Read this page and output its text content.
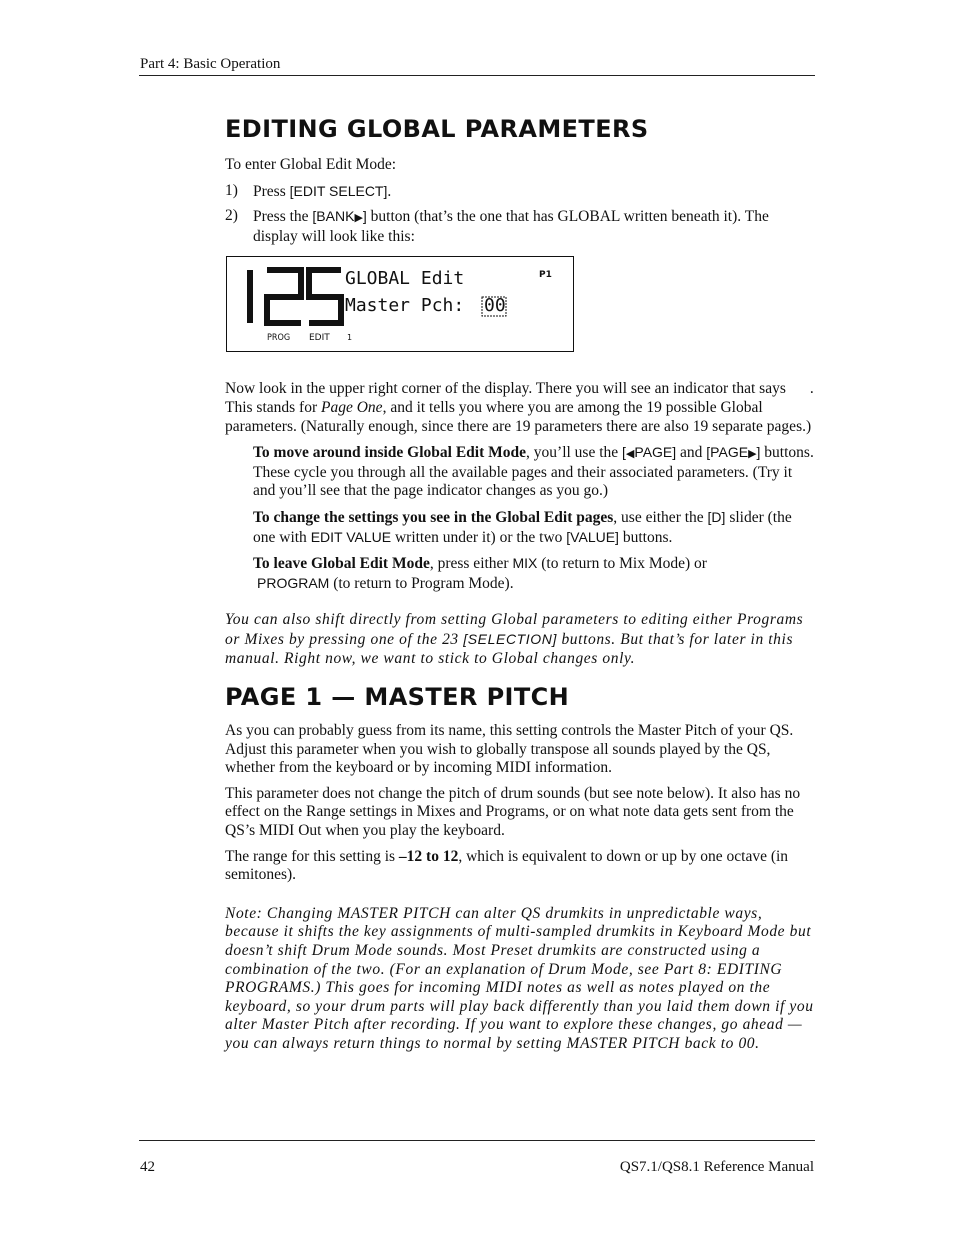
Part 4: Basic Operation
EDITING GLOBAL PARAMETERS

To enter Global Edit Mode:

1) Press [EDIT SELECT].
2) Press the [BANK▶] button (that’s the one that has GLOBAL written beneath it). The display will look like this:
GLOBAL Edit
Master Pch: 00
P1
PROG EDIT 1

Now look in the upper right corner of the display. There you will see an indicator that says . This stands for Page One, and it tells you where you are among the 19 possible Global parameters. (Naturally enough, since there are 19 parameters there are also 19 separate pages.)

To move around inside Global Edit Mode, you’ll use the [◀PAGE] and [PAGE▶] buttons. These cycle you through all the available pages and their associated parameters. (Try it and you’ll see that the page indicator changes as you go.)

To change the settings you see in the Global Edit pages, use either the [D] slider (the one with EDIT VALUE written under it) or the two [VALUE] buttons.

To leave Global Edit Mode, press either MIX (to return to Mix Mode) or
PROGRAM (to return to Program Mode).

You can also shift directly from setting Global parameters to editing either Programs or Mixes by pressing one of the 23 [SELECTION] buttons. But that’s for later in this manual. Right now, we want to stick to Global changes only.

PAGE 1 — MASTER PITCH

As you can probably guess from its name, this setting controls the Master Pitch of your QS. Adjust this parameter when you wish to globally transpose all sounds played by the QS, whether from the keyboard or by incoming MIDI information.

This parameter does not change the pitch of drum sounds (but see note below). It also has no effect on the Range settings in Mixes and Programs, or on what note data gets sent from the QS’s MIDI Out when you play the keyboard.

The range for this setting is –12 to 12, which is equivalent to down or up by one octave (in semitones).

Note: Changing MASTER PITCH can alter QS drumkits in unpredictable ways, because it shifts the key assignments of multi-sampled drumkits in Keyboard Mode but doesn’t shift Drum Mode sounds. Most Preset drumkits are constructed using a combination of the two. (For an explanation of Drum Mode, see Part 8: EDITING PROGRAMS.) This goes for incoming MIDI notes as well as notes played on the keyboard, so your drum parts will play back differently than you laid them down if you alter Master Pitch after recording. If you want to explore these changes, go ahead — you can always return things to normal by setting MASTER PITCH back to 00.

42	QS7.1/QS8.1 Reference Manual
